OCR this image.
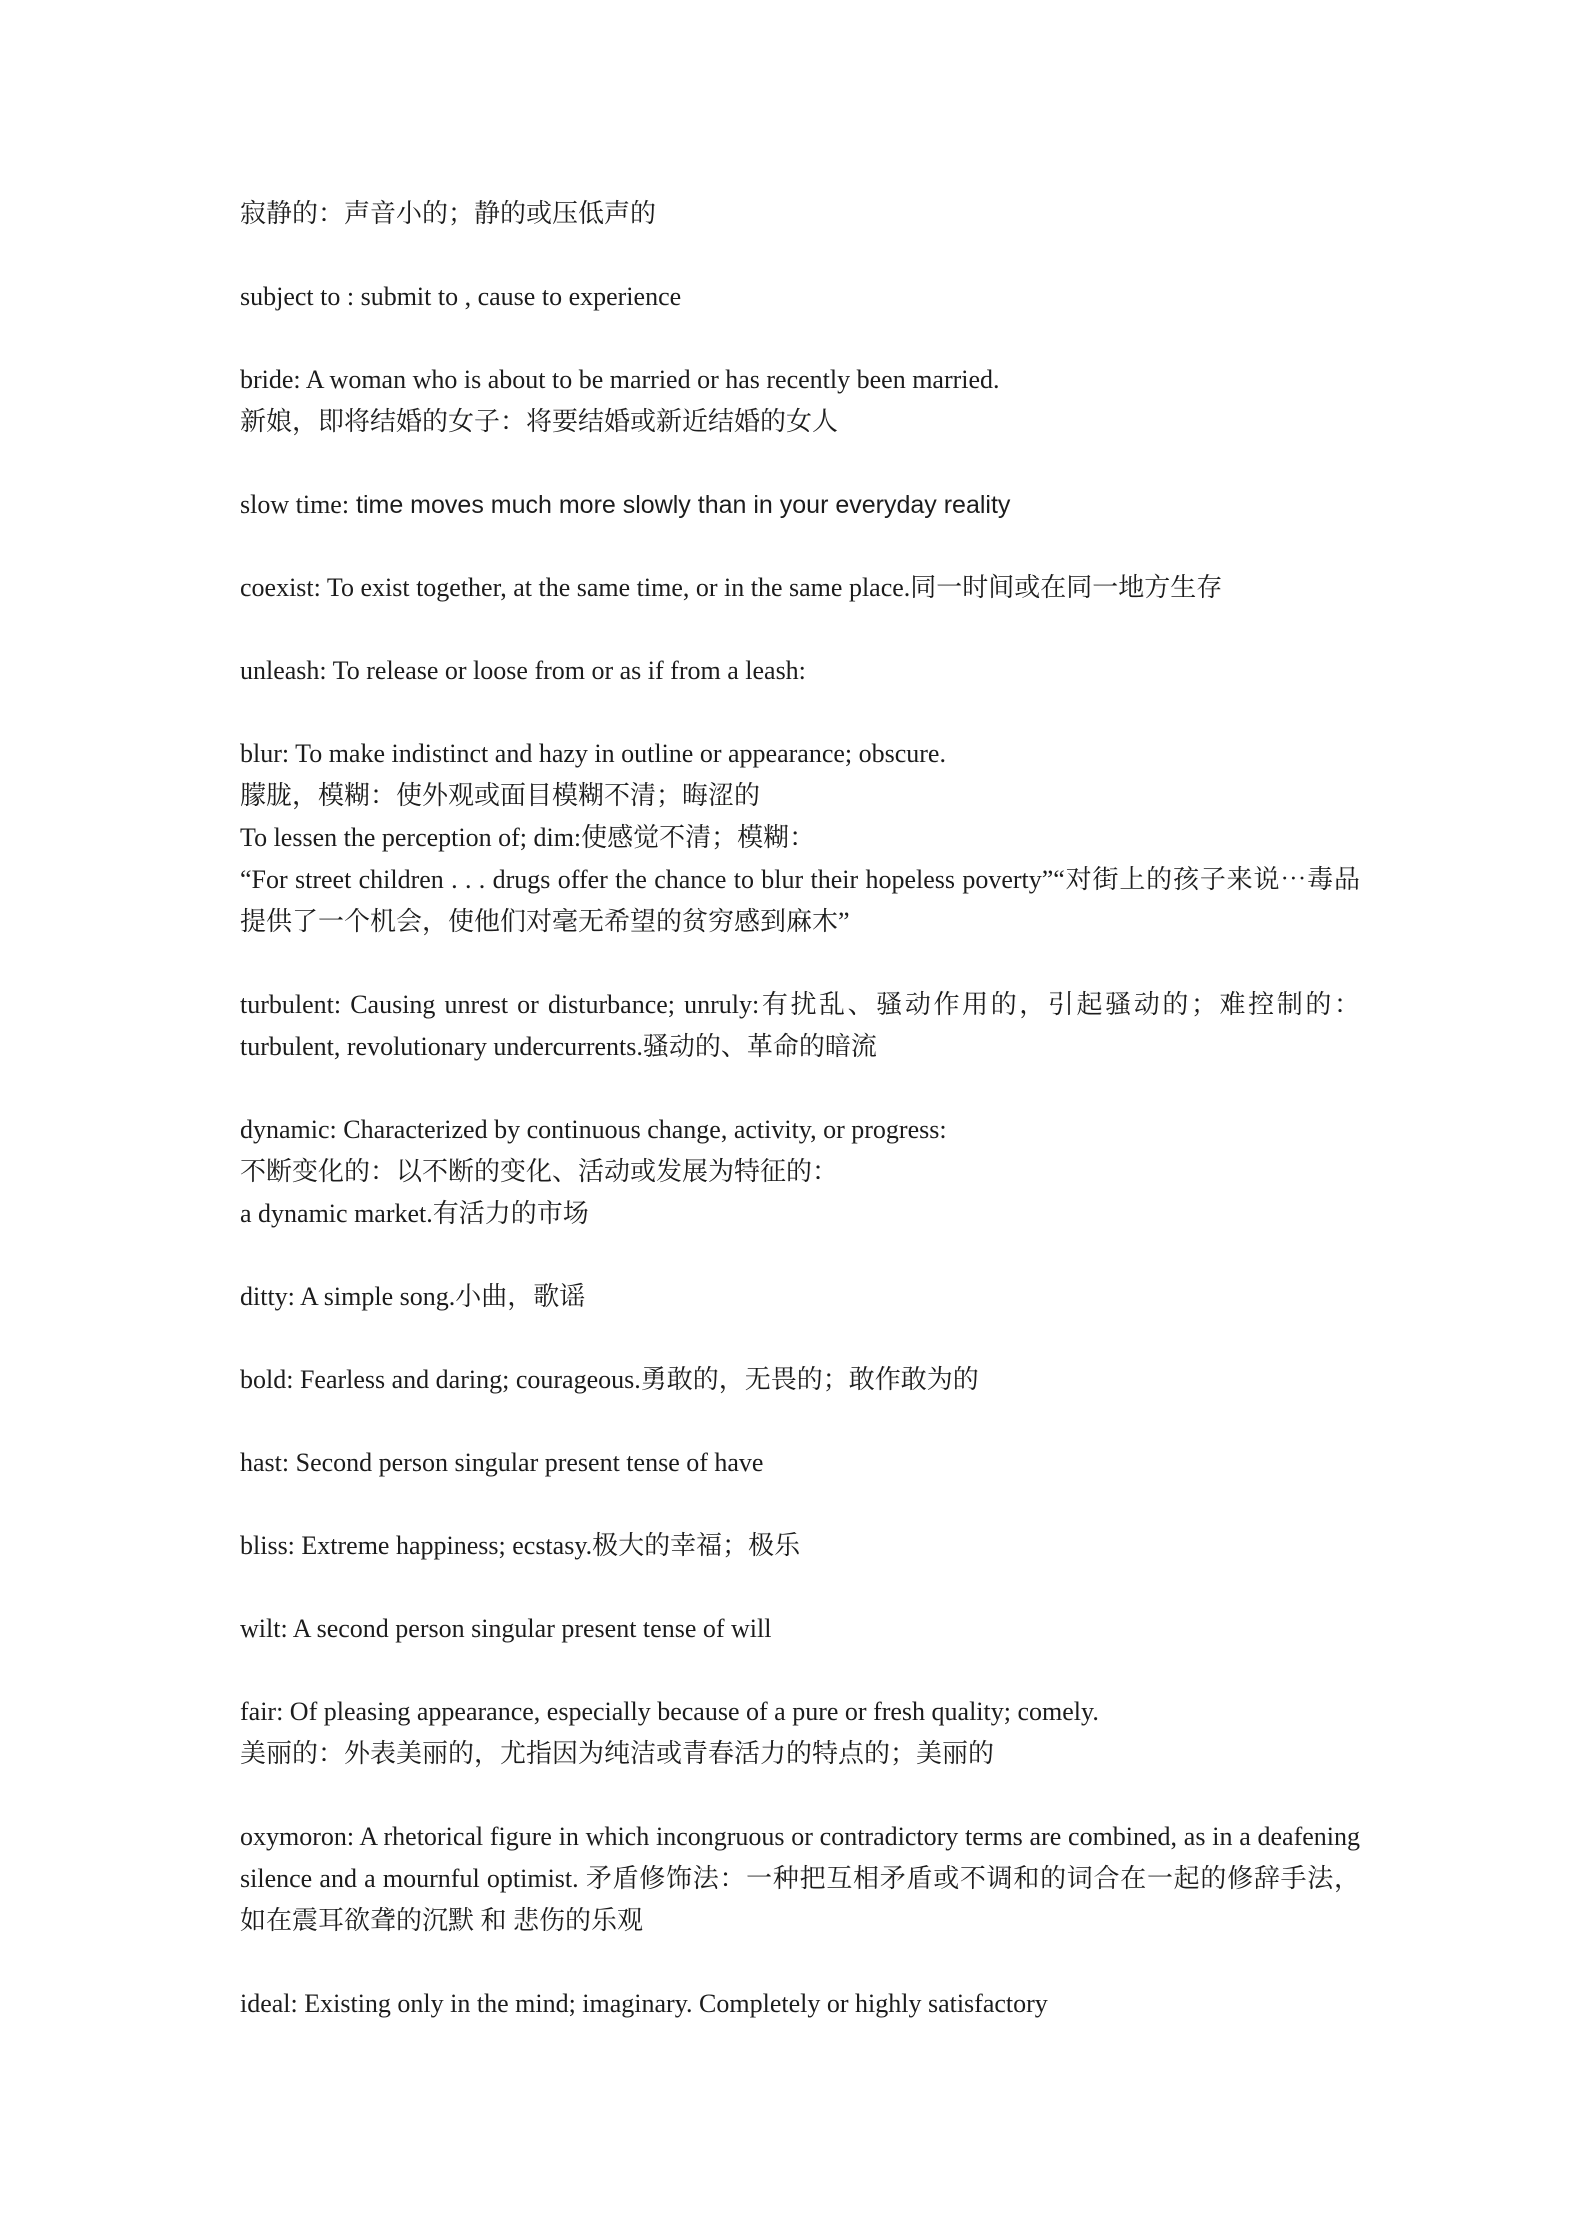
寂静的：声音小的；静的或压低声的
subject to : submit to , cause to experience
bride: A woman who is about to be married or has recently been married.
新娘，即将结婚的女子：将要结婚或新近结婚的女人
slow time: time moves much more slowly than in your everyday reality
coexist: To exist together, at the same time, or in the same place.同一时间或在同一地方生存
unleash: To release or loose from or as if from a leash:
blur: To make indistinct and hazy in outline or appearance; obscure.
朦胧，模糊：使外观或面目模糊不清；晦涩的
To lessen the perception of; dim:使感觉不清；模糊：
“For street children . . . drugs offer the chance to blur their hopeless poverty”“对街上的孩子来说⋯毒品提供了一个机会，使他们对毫无希望的贫穷感到麻木”
turbulent: Causing unrest or disturbance; unruly:有扰乱、骚动作用的，引起骚动的；难控制的：turbulent, revolutionary undercurrents.骚动的、革命的暗流
dynamic: Characterized by continuous change, activity, or progress:
不断变化的：以不断的变化、活动或发展为特征的：
a dynamic market.有活力的市场
ditty: A simple song.小曲，歌谣
bold: Fearless and daring; courageous.勇敢的，无畏的；敢作敢为的
hast: Second person singular present tense of have
bliss: Extreme happiness; ecstasy.极大的幸福；极乐
wilt: A second person singular present tense of will
fair: Of pleasing appearance, especially because of a pure or fresh quality; comely.
美丽的：外表美丽的，尤指因为纯洁或青春活力的特点的；美丽的
oxymoron: A rhetorical figure in which incongruous or contradictory terms are combined, as in a deafening silence and a mournful optimist. 矛盾修饰法：一种把互相矛盾或不调和的词合在一起的修辞手法，如在震耳欲聋的沉默 和 悲伤的乐观
ideal: Existing only in the mind; imaginary. Completely or highly satisfactory
